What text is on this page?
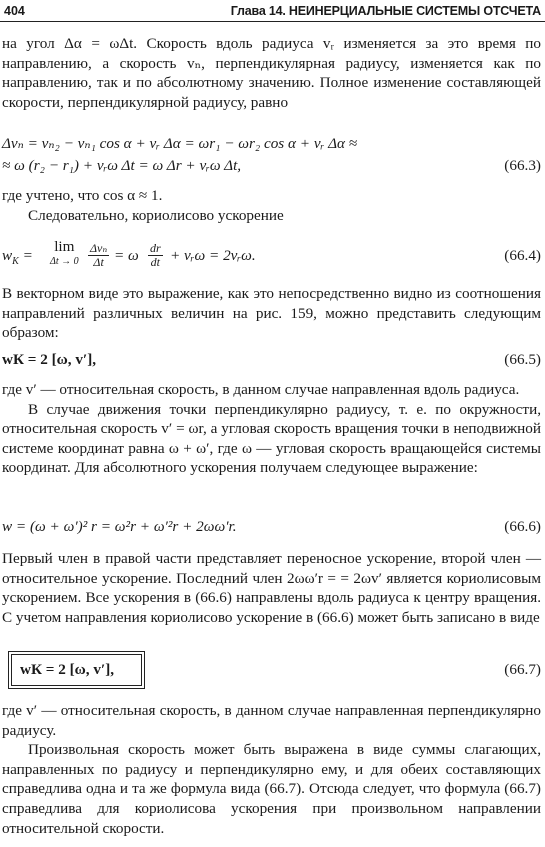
404	Глава 14. НЕИНЕРЦИАЛЬНЫЕ СИСТЕМЫ ОТСЧЕТА

на угол Δα = ωΔt. Скорость вдоль радиуса vᵣ изменяется за это время по направлению, а скорость vₙ, перпендикулярная радиусу, изменяется как по направлению, так и по абсолютному значению. Полное изменение составляющей скорости, перпендикулярной радиусу, равно

Δvₙ = vₙ₂ − vₙ₁ cos α + vᵣ Δα = ωr₁ − ωr₂ cos α + vᵣ Δα ≈
≈ ω (r₂ − r₁) + vᵣω Δt = ω Δr + vᵣω Δt,	(66.3)

где учтено, что cos α ≈ 1.

Следовательно, кориолисово ускорение

$w_К$ =
lim
Δt → 0
Δvₙ
Δt = ω $\frac{dr}{dt}$ + vᵣω = 2vᵣω.	(66.4)

В векторном виде это выражение, как это непосредственно видно из соотношения направлений различных величин на рис. 159, можно представить следующим образом:

wК = 2 [ω, v′],	(66.5)

где v′ — относительная скорость, в данном случае направленная вдоль радиуса.

В случае движения точки перпендикулярно радиусу, т. е. по окружности, относительная скорость v′ = ωr, а угловая скорость вращения точки в неподвижной системе координат равна ω + ω′, где ω — угловая скорость вращающейся системы координат. Для абсолютного ускорения получаем следующее выражение:

w = (ω + ω′)² r = ω²r + ω′²r + 2ωω′r.	(66.6)

Первый член в правой части представляет переносное ускорение, второй член — относительное ускорение. Последний член 2ωω′r = = 2ωv′ является кориолисовым ускорением. Все ускорения в (66.6) направлены вдоль радиуса к центру вращения. С учетом направления кориолисово ускорение в (66.6) может быть записано в виде

wК = 2 [ω, v′],	(66.7)

где v′ — относительная скорость, в данном случае направленная перпендикулярно радиусу.

Произвольная скорость может быть выражена в виде суммы слагающих, направленных по радиусу и перпендикулярно ему, и для обеих составляющих справедлива одна и та же формула вида (66.7). Отсюда следует, что формула (66.7) справедлива для кориолисова ускорения при произвольном направлении относительной скорости.
